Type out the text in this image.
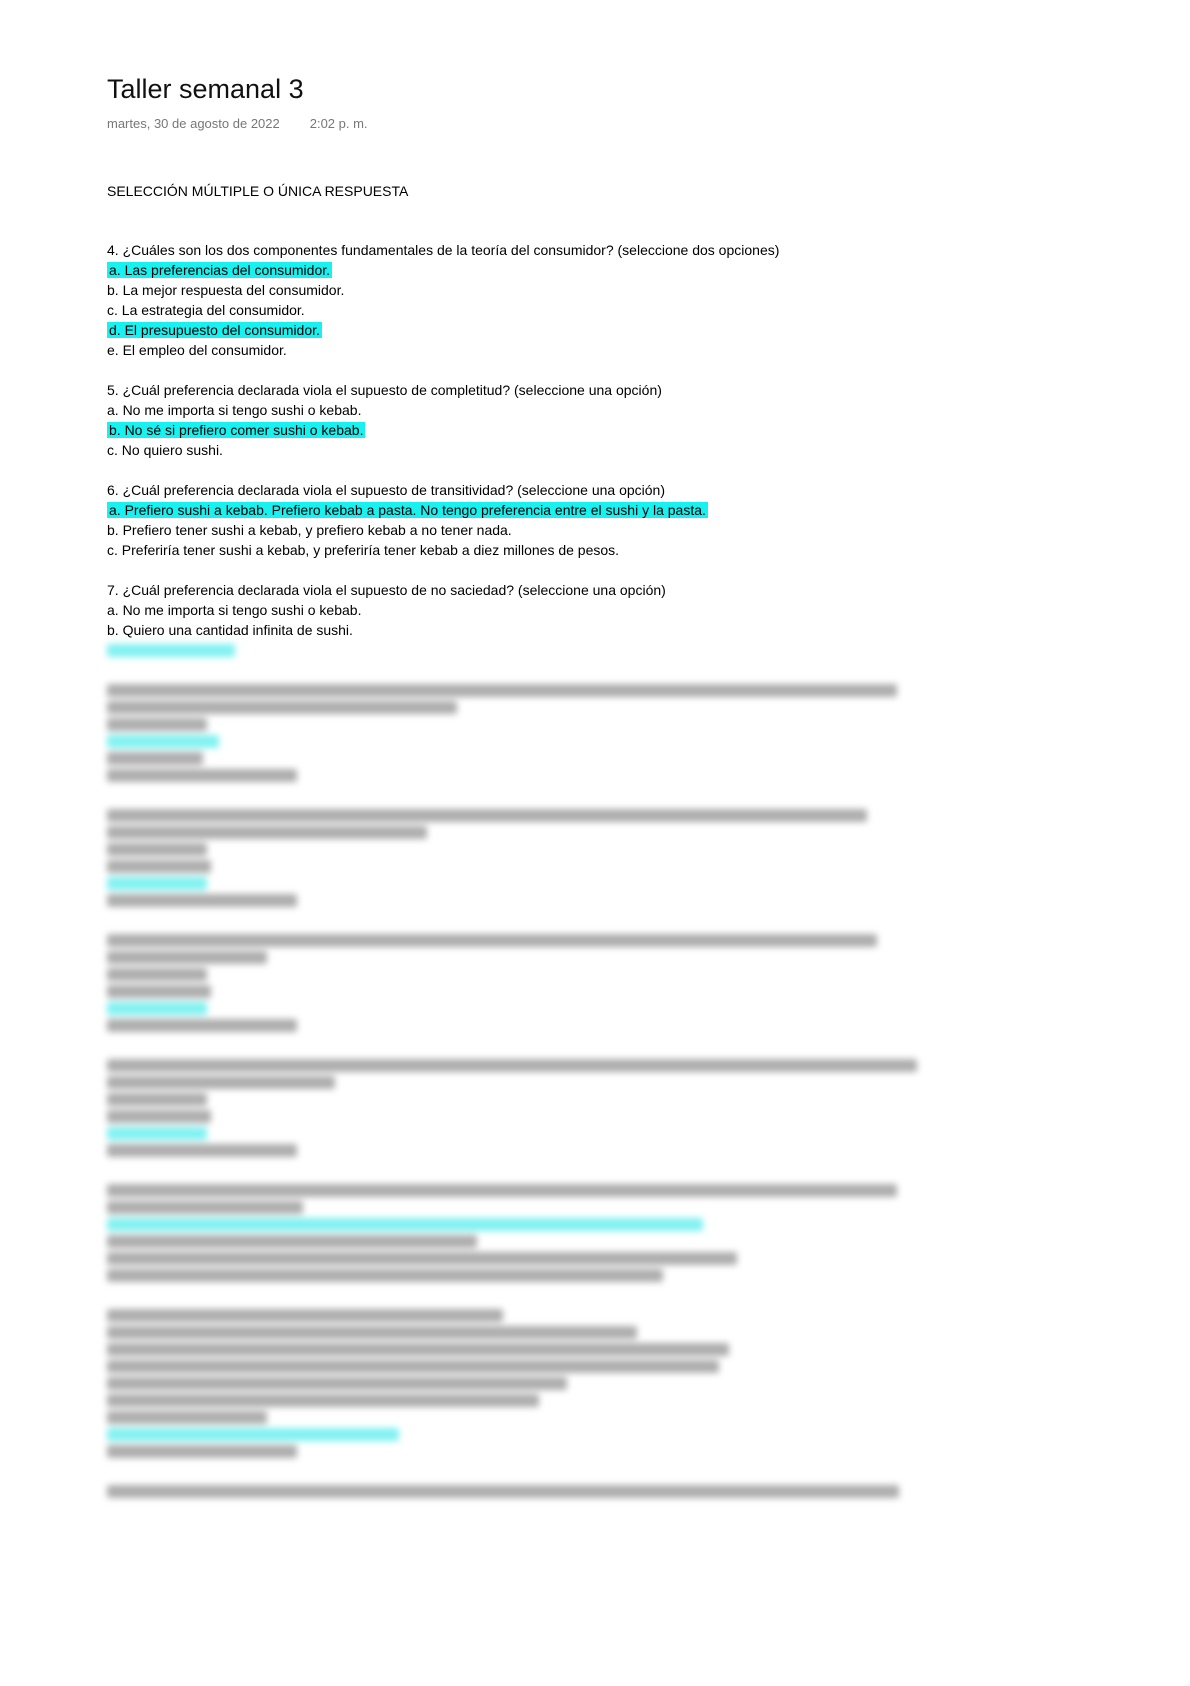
Taller semanal 3
martes, 30 de agosto de 2022 2:02 p. m.
SELECCIÓN MÚLTIPLE O ÚNICA RESPUESTA
4. ¿Cuáles son los dos componentes fundamentales de la teoría del consumidor? (seleccione dos opciones)
a. Las preferencias del consumidor.
b. La mejor respuesta del consumidor.
c. La estrategia del consumidor.
d. El presupuesto del consumidor.
e. El empleo del consumidor.
5. ¿Cuál preferencia declarada viola el supuesto de completitud? (seleccione una opción)
a. No me importa si tengo sushi o kebab.
b. No sé si prefiero comer sushi o kebab.
c. No quiero sushi.
6. ¿Cuál preferencia declarada viola el supuesto de transitividad? (seleccione una opción)
a. Prefiero sushi a kebab. Prefiero kebab a pasta. No tengo preferencia entre el sushi y la pasta.
b. Prefiero tener sushi a kebab, y prefiero kebab a no tener nada.
c. Preferiría tener sushi a kebab, y preferiría tener kebab a diez millones de pesos.
7. ¿Cuál preferencia declarada viola el supuesto de no saciedad? (seleccione una opción)
a. No me importa si tengo sushi o kebab.
b. Quiero una cantidad infinita de sushi.
